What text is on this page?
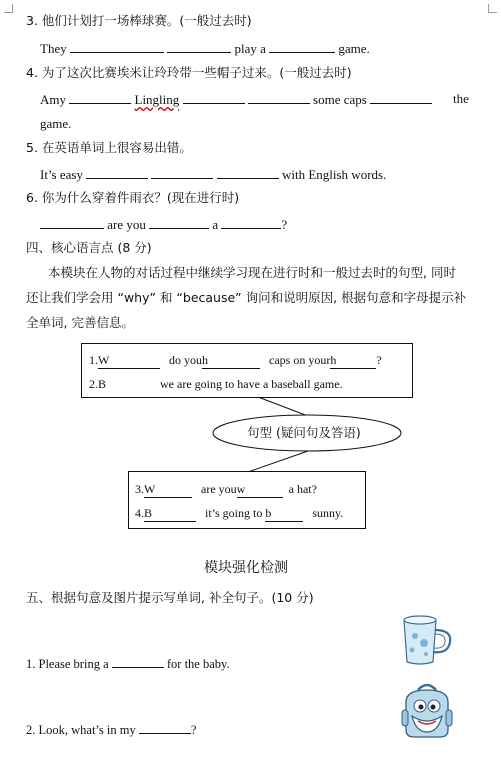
3. 他们计划打一场棒球赛。(一般过去时)
They	play a	game.
4. 为了这次比赛埃米让玲玲带一些帽子过来。(一般过去时)
Amy	Lingling	some caps	the
game.
5. 在英语单词上很容易出错。
It’s easy	with English words.
6. 你为什么穿着件雨衣？(现在进行时)
are you	a	?
四、核心语言点 (8 分)
本模块在人物的对话过程中继续学习现在进行时和一般过去时的句型, 同时
还让我们学会用 “why” 和 “because” 询问和说明原因, 根据句意和字母提示补
全单词, 完善信息。
1.W	do youh	caps on yourh	?
2.B	we are going to have a baseball game.
句型 (疑问句及答语)
3.W	are youw	a hat?
4.B	it’s going to b	sunny.
模块强化检测
五、根据句意及图片提示写单词, 补全句子。(10 分)
1. Please bring a	for the baby.
2. Look, what’s in my	?
